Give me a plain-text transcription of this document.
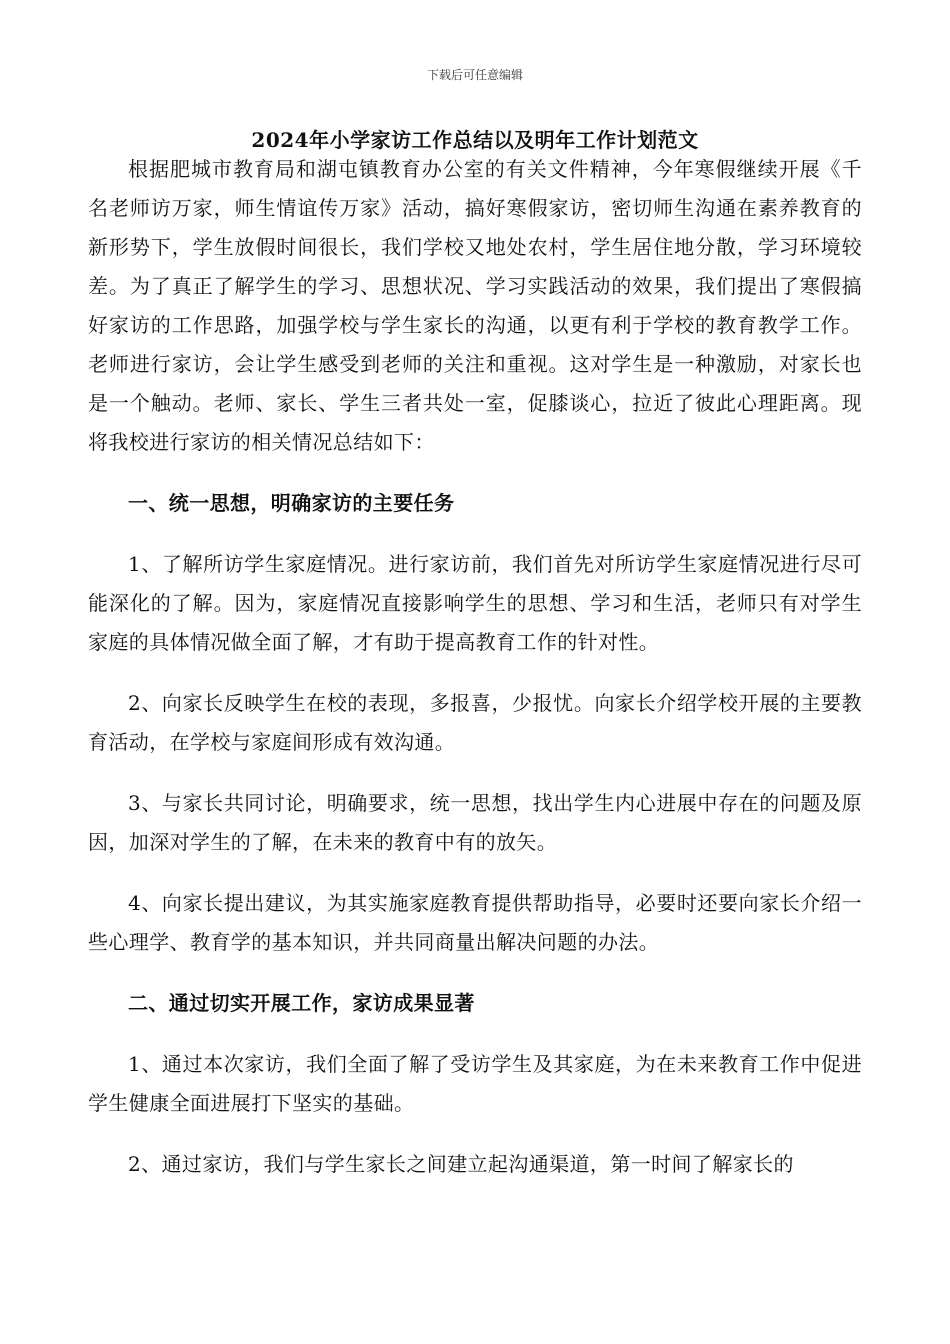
下载后可任意编辑
2024年小学家访工作总结以及明年工作计划范文

根据肥城市教育局和湖屯镇教育办公室的有关文件精神，今年寒假继续开展《千名老师访万家，师生情谊传万家》活动，搞好寒假家访，密切师生沟通在素养教育的新形势下，学生放假时间很长，我们学校又地处农村，学生居住地分散，学习环境较差。为了真正了解学生的学习、思想状况、学习实践活动的效果，我们提出了寒假搞好家访的工作思路，加强学校与学生家长的沟通，以更有利于学校的教育教学工作。老师进行家访，会让学生感受到老师的关注和重视。这对学生是一种激励，对家长也是一个触动。老师、家长、学生三者共处一室，促膝谈心，拉近了彼此心理距离。现将我校进行家访的相关情况总结如下：

一、统一思想，明确家访的主要任务

1、了解所访学生家庭情况。进行家访前，我们首先对所访学生家庭情况进行尽可能深化的了解。因为，家庭情况直接影响学生的思想、学习和生活，老师只有对学生家庭的具体情况做全面了解，才有助于提高教育工作的针对性。

2、向家长反映学生在校的表现，多报喜，少报忧。向家长介绍学校开展的主要教育活动，在学校与家庭间形成有效沟通。

3、与家长共同讨论，明确要求，统一思想，找出学生内心进展中存在的问题及原因，加深对学生的了解，在未来的教育中有的放矢。

4、向家长提出建议，为其实施家庭教育提供帮助指导，必要时还要向家长介绍一些心理学、教育学的基本知识，并共同商量出解决问题的办法。

二、通过切实开展工作，家访成果显著

1、通过本次家访，我们全面了解了受访学生及其家庭，为在未来教育工作中促进学生健康全面进展打下坚实的基础。

2、通过家访，我们与学生家长之间建立起沟通渠道，第一时间了解家长的
